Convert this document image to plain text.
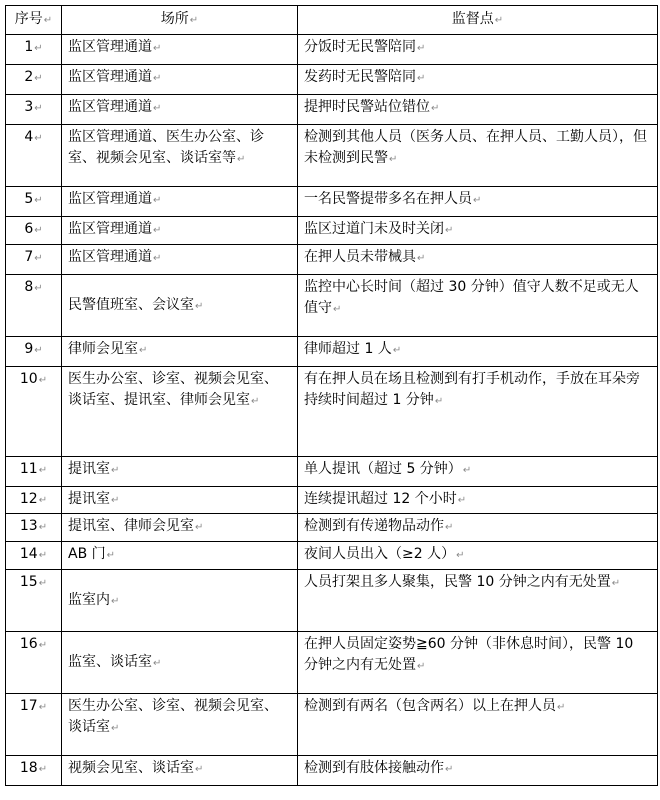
序号↵	场所↵	监督点↵
1↵	监区管理通道↵	分饭时无民警陪同↵
2↵	监区管理通道↵	发药时无民警陪同↵
3↵	监区管理通道↵	提押时民警站位错位↵
4↵	监区管理通道、医生办公室、诊室、视频会见室、谈话室等↵	检测到其他人员（医务人员、在押人员、工勤人员），但未检测到民警↵
5↵	监区管理通道↵	一名民警提带多名在押人员↵
6↵	监区管理通道↵	监区过道门未及时关闭↵
7↵	监区管理通道↵	在押人员未带械具↵
8↵	民警值班室、会议室↵	监控中心长时间（超过 30 分钟）值守人数不足或无人值守↵
9↵	律师会见室↵	律师超过 1 人↵
10↵	医生办公室、诊室、视频会见室、谈话室、提讯室、律师会见室↵	有在押人员在场且检测到有打手机动作，手放在耳朵旁持续时间超过 1 分钟↵
11↵	提讯室↵	单人提讯（超过 5 分钟）↵
12↵	提讯室↵	连续提讯超过 12 个小时↵
13↵	提讯室、律师会见室↵	检测到有传递物品动作↵
14↵	AB 门↵	夜间人员出入（≥2 人）↵
15↵	监室内↵	人员打架且多人聚集，民警 10 分钟之内有无处置↵
16↵	监室、谈话室↵	在押人员固定姿势≧60 分钟（非休息时间），民警 10 分钟之内有无处置↵
17↵	医生办公室、诊室、视频会见室、谈话室↵	检测到有两名（包含两名）以上在押人员↵
18↵	视频会见室、谈话室↵	检测到有肢体接触动作↵
